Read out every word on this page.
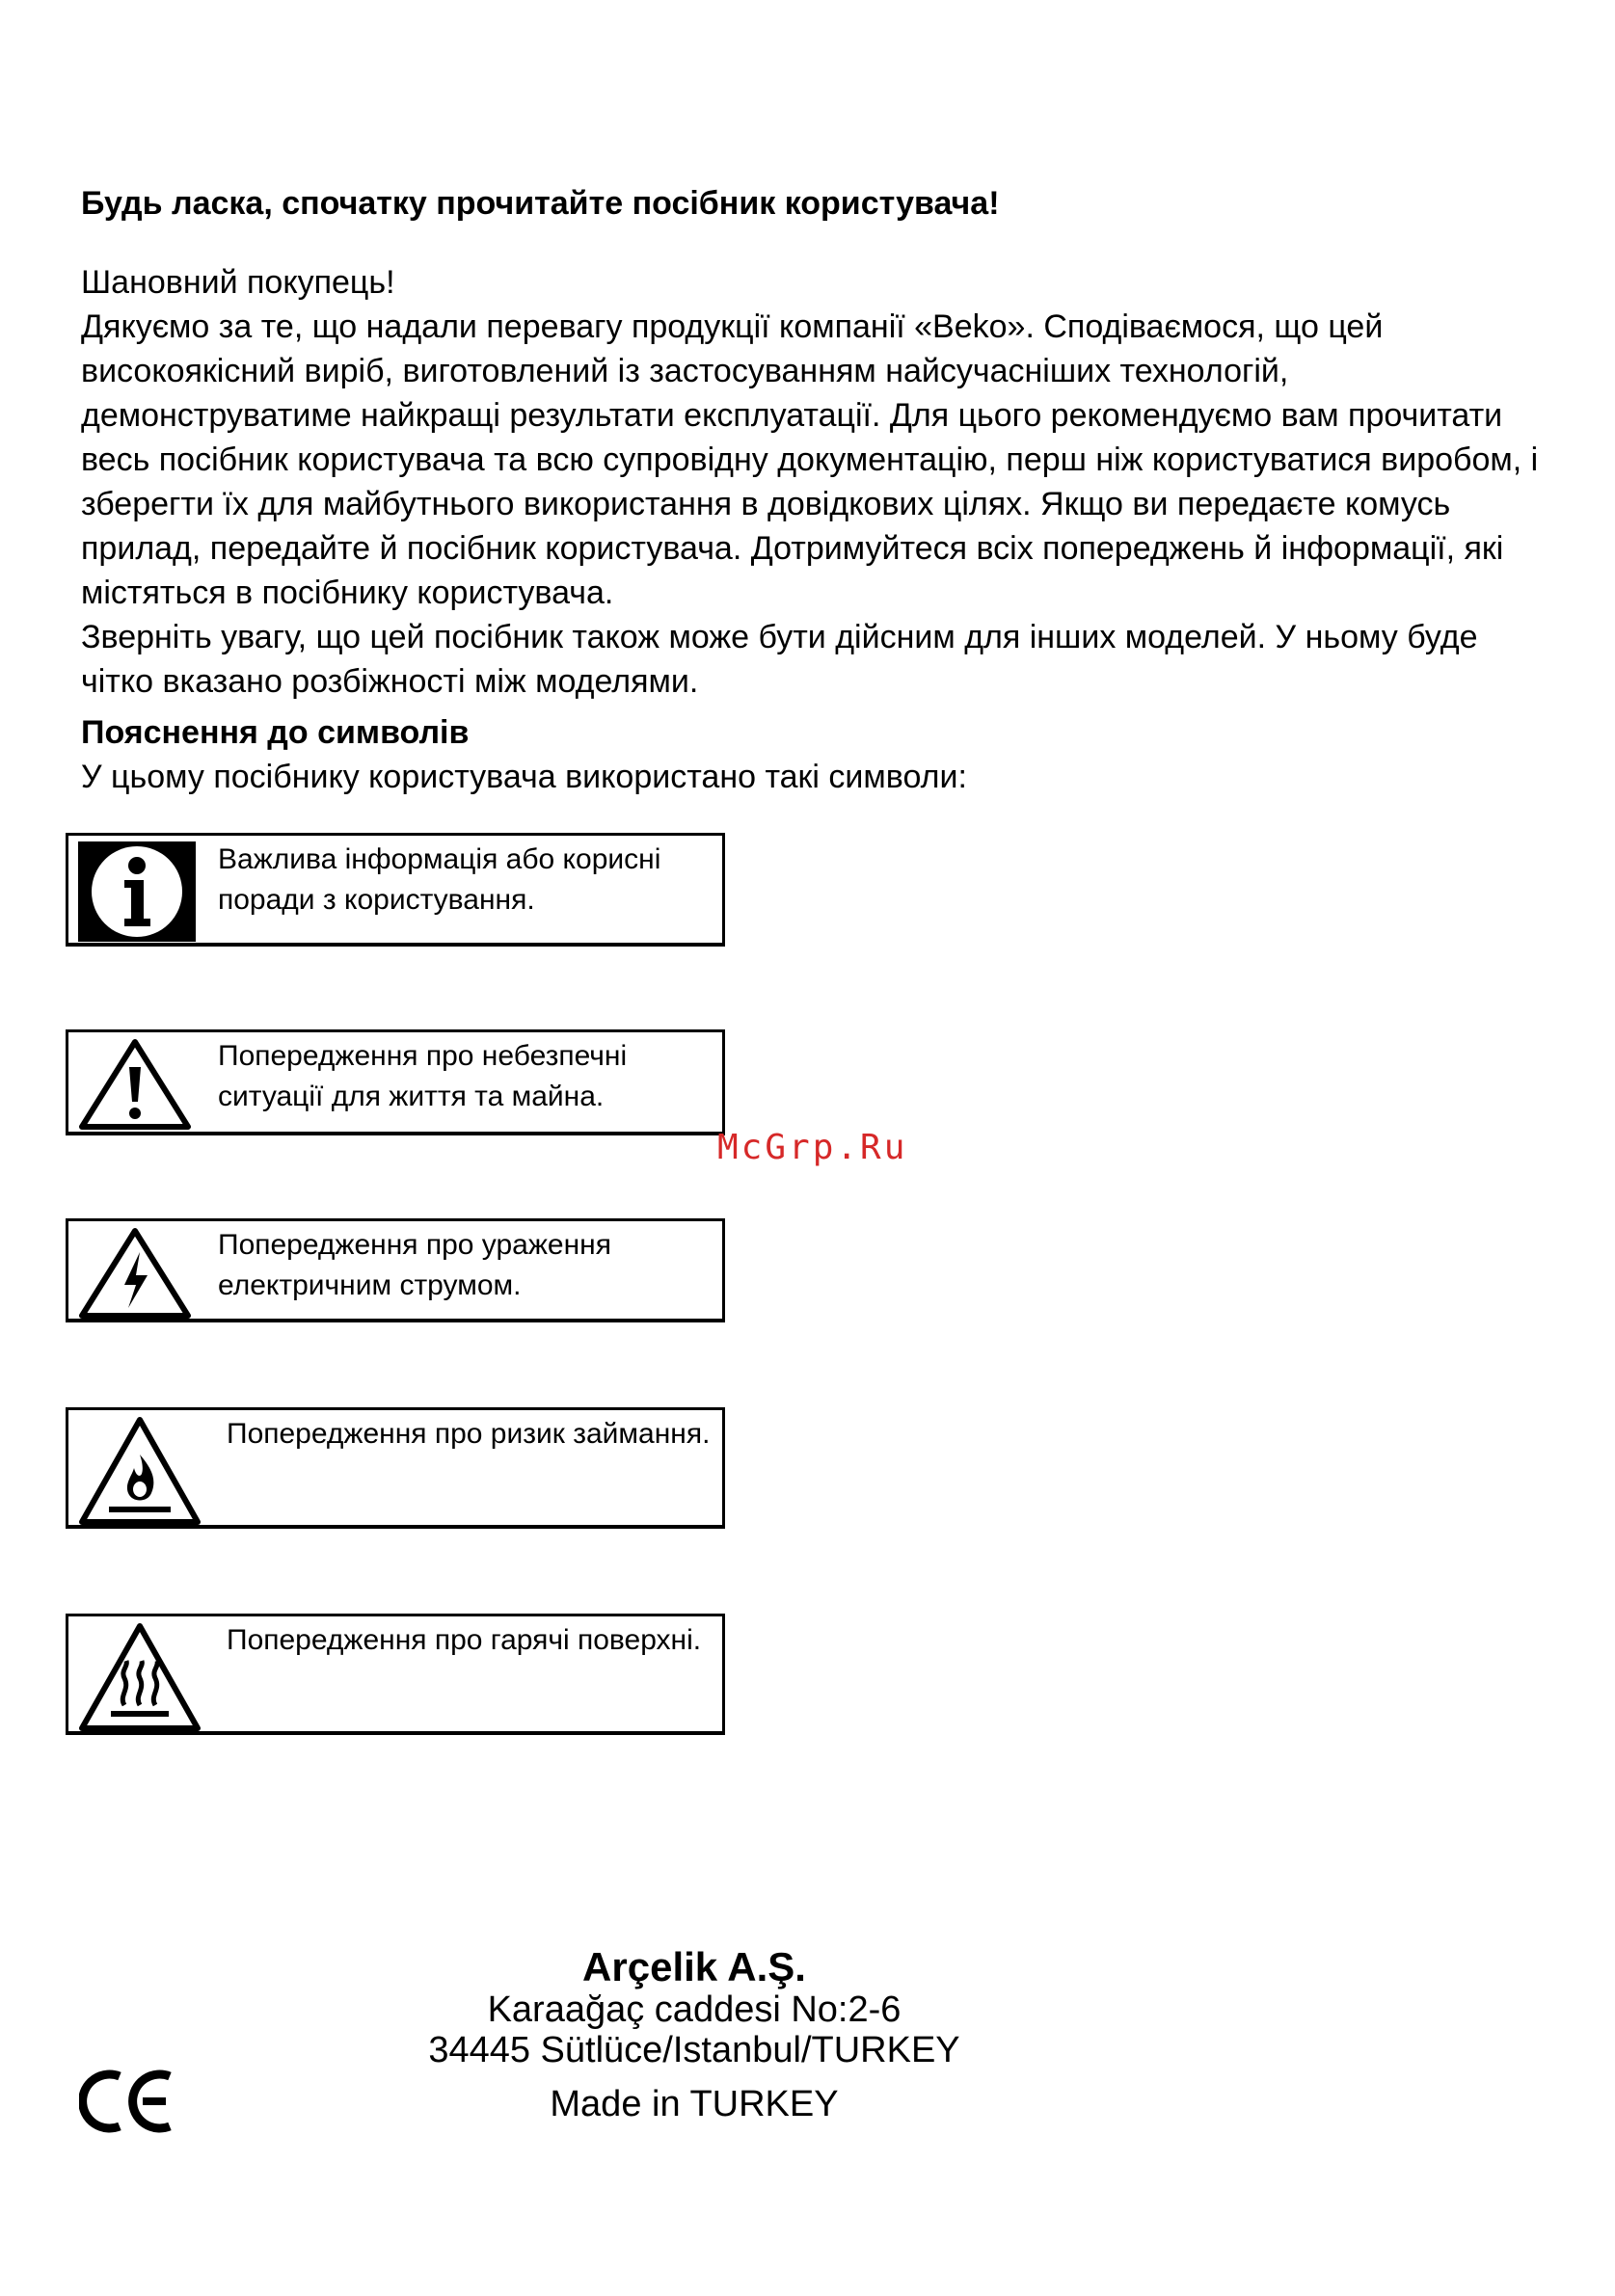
Будь ласка, спочатку прочитайте посібник користувача!

Шановний покупець!

Дякуємо за те, що надали перевагу продукції компанії «Beko». Сподіваємося, що цей високоякісний виріб, виготовлений із застосуванням найсучасніших технологій, демонструватиме найкращі результати експлуатації. Для цього рекомендуємо вам прочитати весь посібник користувача та всю супровідну документацію, перш ніж користуватися виробом, і зберегти їх для майбутнього використання в довідкових цілях. Якщо ви передаєте комусь прилад, передайте й посібник користувача. Дотримуйтеся всіх попереджень й інформації, які містяться в посібнику користувача.

Зверніть увагу, що цей посібник також може бути дійсним для інших моделей. У ньому буде чітко вказано розбіжності між моделями.

Пояснення до символів

У цьому посібнику користувача використано такі символи:

Важлива інформація або корисні поради з користування.
Попередження про небезпечні ситуації для життя та майна.
Попередження про ураження електричним струмом.
Попередження про ризик займання.
Попередження про гарячі поверхні.
McGrp.Ru
Arçelik A.Ş.
Karaağaç caddesi No:2-6
34445 Sütlüce/Istanbul/TURKEY
Made in TURKEY
